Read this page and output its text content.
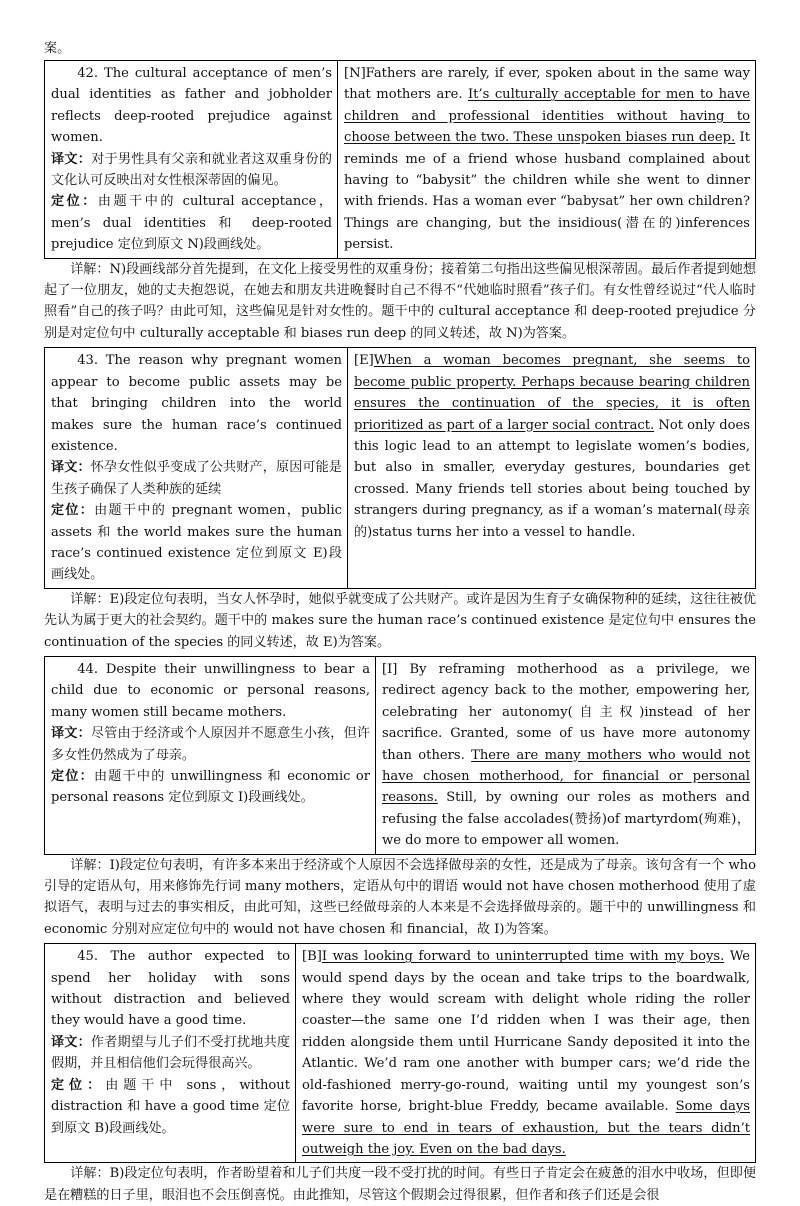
案。

42. The cultural acceptance of men’s dual identities as father and jobholder reflects deep-rooted prejudice against women.

译文：对于男性具有父亲和就业者这双重身份的文化认可反映出对女性根深蒂固的偏见。

定位：由题干中的 cultural acceptance，men’s dual identities 和 deep-rooted prejudice 定位到原文 N)段画线处。

	[N]Fathers are rarely, if ever, spoken about in the same way that mothers are. It’s culturally acceptable for men to have children and professional identities without having to choose between the two. These unspoken biases run deep. It reminds me of a friend whose husband complained about having to “babysit” the children while she went to dinner with friends. Has a woman ever “babysat” her own children? Things are changing, but the insidious(潜在的)inferences persist.

详解：N)段画线部分首先提到，在文化上接受男性的双重身份；接着第二句指出这些偏见根深蒂固。最后作者提到她想起了一位朋友，她的丈夫抱怨说，在她去和朋友共进晚餐时自己不得不“代她临时照看”孩子们。有女性曾经说过“代人临时照看”自己的孩子吗？由此可知，这些偏见是针对女性的。题干中的 cultural acceptance 和 deep-rooted prejudice 分别是对定位句中 culturally acceptable 和 biases run deep 的同义转述，故 N)为答案。

43. The reason why pregnant women appear to become public assets may be that bringing children into the world makes sure the human race’s continued existence.

译文：怀孕女性似乎变成了公共财产，原因可能是生孩子确保了人类种族的延续

定位：由题干中的 pregnant women，public assets 和 the world makes sure the human race’s continued existence 定位到原文 E)段画线处。

	[E]When a woman becomes pregnant, she seems to become public property. Perhaps because bearing children ensures the continuation of the species, it is often prioritized as part of a larger social contract. Not only does this logic lead to an attempt to legislate women’s bodies, but also in smaller, everyday gestures, boundaries get crossed. Many friends tell stories about being touched by strangers during pregnancy, as if a woman’s maternal(母亲的)status turns her into a vessel to handle.

详解：E)段定位句表明，当女人怀孕时，她似乎就变成了公共财产。或许是因为生育子女确保物种的延续，这往往被优先认为属于更大的社会契约。题干中的 makes sure the human race’s continued existence 是定位句中 ensures the continuation of the species 的同义转述，故 E)为答案。

44. Despite their unwillingness to bear a child due to economic or personal reasons, many women still became mothers.

译文：尽管由于经济或个人原因并不愿意生小孩，但许多女性仍然成为了母亲。

定位：由题干中的 unwillingness 和 economic or personal reasons 定位到原文 I)段画线处。

	[I] By reframing motherhood as a privilege, we redirect agency back to the mother, empowering her, celebrating her autonomy(自主权)instead of her sacrifice. Granted, some of us have more autonomy than others. There are many mothers who would not have chosen motherhood, for financial or personal reasons. Still, by owning our roles as mothers and refusing the false accolades(赞扬)of martyrdom(殉难)， we do more to empower all women.

详解：I)段定位句表明，有许多本来出于经济或个人原因不会选择做母亲的女性，还是成为了母亲。该句含有一个 who 引导的定语从句，用来修饰先行词 many mothers，定语从句中的谓语 would not have chosen motherhood 使用了虚拟语气，表明与过去的事实相反，由此可知，这些已经做母亲的人本来是不会选择做母亲的。题干中的 unwillingness 和 economic 分别对应定位句中的 would not have chosen 和 financial，故 I)为答案。

45. The author expected to spend her holiday with sons without distraction and believed they would have a good time.

译文：作者期望与儿子们不受打扰地共度假期，并且相信他们会玩得很高兴。

定位：由题干中 sons，without distraction 和 have a good time 定位到原文 B)段画线处。

	[B]I was looking forward to uninterrupted time with my boys. We would spend days by the ocean and take trips to the boardwalk, where they would scream with delight whole riding the roller coaster—the same one I’d ridden when I was their age, then ridden alongside them until Hurricane Sandy deposited it into the Atlantic. We’d ram one another with bumper cars; we’d ride the old-fashioned merry-go-round, waiting until my youngest son’s favorite horse, bright-blue Freddy, became available. Some days were sure to end in tears of exhaustion, but the tears didn’t outweigh the joy. Even on the bad days.

详解：B)段定位句表明，作者盼望着和儿子们共度一段不受打扰的时间。有些日子肯定会在疲惫的泪水中收场，但即便是在糟糕的日子里，眼泪也不会压倒喜悦。由此推知，尽管这个假期会过得很累，但作者和孩子们还是会很
